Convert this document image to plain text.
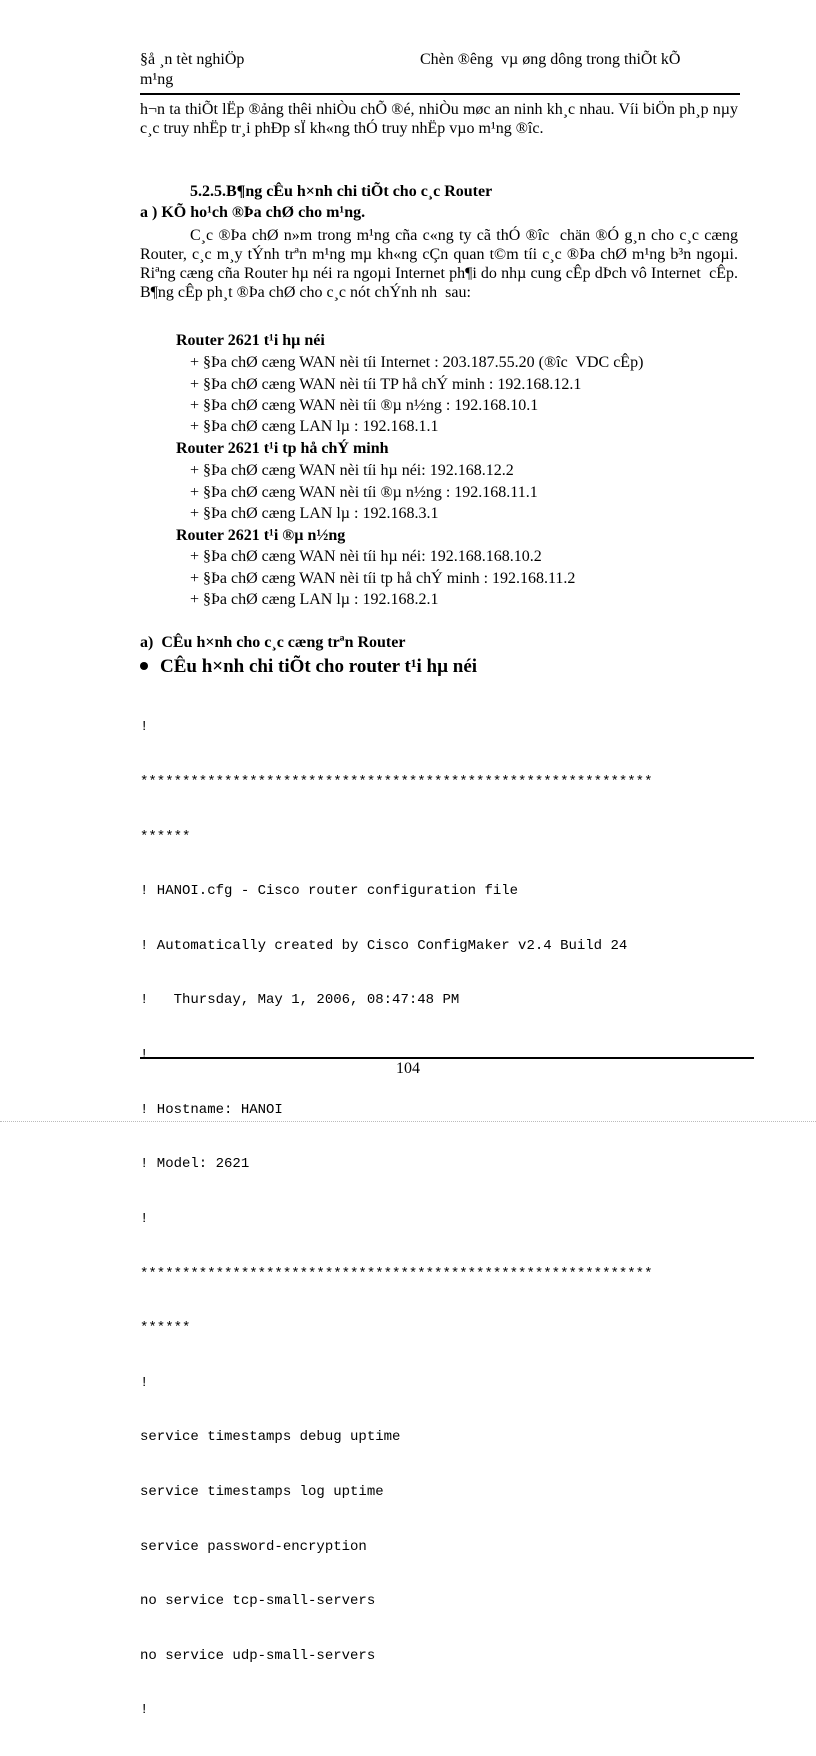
§å ¸n tèt nghiÖp
m¹ng
Chèn ®êng  vµ øng dông trong thiÕt kÕ
h¬n ta thiÕt lËp ®ảng thêi nhiÒu chÕ ®é, nhiÒu møc an ninh kh¸c nhau. Víi biÖn ph¸p nµy c¸c truy nhËp tr¸i phÐp sÏ kh«ng thÓ truy nhËp vµo m¹ng ®îc.
5.2.5.B¶ng cÊu h×nh chi tiÕt cho c¸c Router
a ) KÕ ho¹ch ®Þa chØ cho m¹ng.
C¸c ®Þa chØ n»m trong m¹ng cña c«ng ty cã thÓ ®îc  chän ®Ó g¸n cho c¸c cæng Router, c¸c m¸y tÝnh trªn m¹ng mµ kh«ng cÇn quan t©m tíi c¸c ®Þa chØ m¹ng b³n ngoµi. Riªng cæng cña Router hµ néi ra ngoµi Internet ph¶i do nhµ cung cÊp dÞch vô Internet  cÊp. B¶ng cÊp ph¸t ®Þa chØ cho c¸c nót chÝnh nh  sau:
Router 2621 t¹i hµ néi
+ §Þa chØ cæng WAN nèi tíi Internet : 203.187.55.20 (®îc  VDC cÊp)
+ §Þa chØ cæng WAN nèi tíi TP hå chÝ minh : 192.168.12.1
+ §Þa chØ cæng WAN nèi tíi ®µ n½ng : 192.168.10.1
+ §Þa chØ cæng LAN lµ : 192.168.1.1
Router 2621 t¹i tp hå chÝ minh
+ §Þa chØ cæng WAN nèi tíi hµ néi: 192.168.12.2
+ §Þa chØ cæng WAN nèi tíi ®µ n½ng : 192.168.11.1
+ §Þa chØ cæng LAN lµ : 192.168.3.1
Router 2621 t¹i ®µ n½ng
+ §Þa chØ cæng WAN nèi tíi hµ néi: 192.168.168.10.2
+ §Þa chØ cæng WAN nèi tíi tp hå chÝ minh : 192.168.11.2
+ §Þa chØ cæng LAN lµ : 192.168.2.1
a)  CÊu h×nh cho c¸c cæng trªn Router
CÊu h×nh chi tiÕt cho router t¹i hµ néi

!

*************************************************************

******

! HANOI.cfg - Cisco router configuration file

! Automatically created by Cisco ConfigMaker v2.4 Build 24

!   Thursday, May 1, 2006, 08:47:48 PM

!

! Hostname: HANOI

! Model: 2621

!

*************************************************************

******

!

service timestamps debug uptime

service timestamps log uptime

service password-encryption

no service tcp-small-servers

no service udp-small-servers

!

104
